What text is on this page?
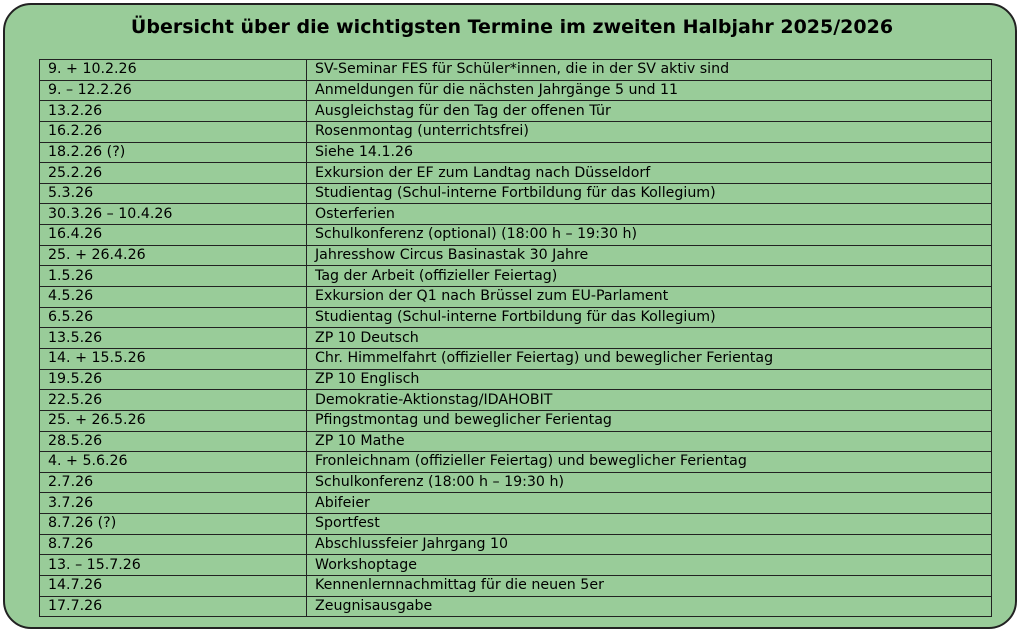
Übersicht über die wichtigsten Termine im zweiten Halbjahr 2025/2026
9. + 10.2.26	SV-Seminar FES für Schüler*innen, die in der SV aktiv sind
9. – 12.2.26	Anmeldungen für die nächsten Jahrgänge 5 und 11
13.2.26	Ausgleichstag für den Tag der offenen Tür
16.2.26	Rosenmontag (unterrichtsfrei)
18.2.26 (?)	Siehe 14.1.26
25.2.26	Exkursion der EF zum Landtag nach Düsseldorf
5.3.26	Studientag (Schul-interne Fortbildung für das Kollegium)
30.3.26 – 10.4.26	Osterferien
16.4.26	Schulkonferenz (optional) (18:00 h – 19:30 h)
25. + 26.4.26	Jahresshow Circus Basinastak 30 Jahre
1.5.26	Tag der Arbeit (offizieller Feiertag)
4.5.26	Exkursion der Q1 nach Brüssel zum EU-Parlament
6.5.26	Studientag (Schul-interne Fortbildung für das Kollegium)
13.5.26	ZP 10 Deutsch
14. + 15.5.26	Chr. Himmelfahrt (offizieller Feiertag) und beweglicher Ferientag
19.5.26	ZP 10 Englisch
22.5.26	Demokratie-Aktionstag/IDAHOBIT
25. + 26.5.26	Pfingstmontag und beweglicher Ferientag
28.5.26	ZP 10 Mathe
4. + 5.6.26	Fronleichnam (offizieller Feiertag) und beweglicher Ferientag
2.7.26	Schulkonferenz (18:00 h – 19:30 h)
3.7.26	Abifeier
8.7.26 (?)	Sportfest
8.7.26	Abschlussfeier Jahrgang 10
13. – 15.7.26	Workshoptage
14.7.26	Kennenlernnachmittag für die neuen 5er
17.7.26	Zeugnisausgabe
